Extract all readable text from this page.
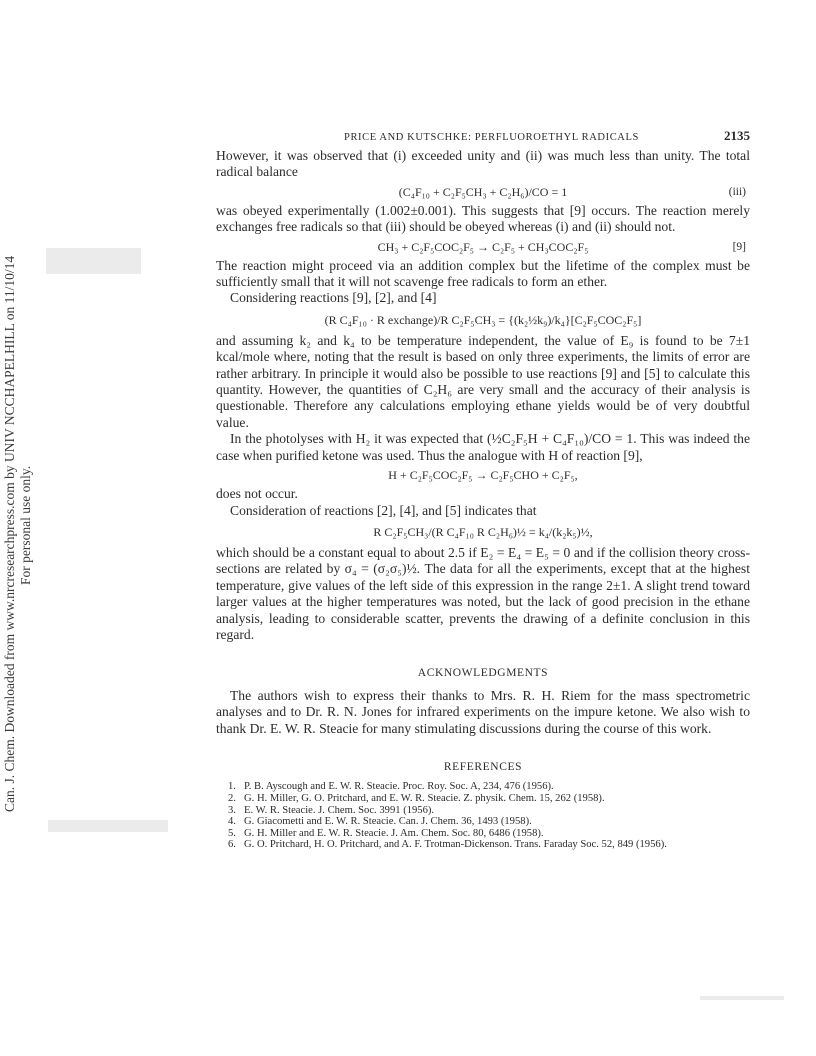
Can. J. Chem. Downloaded from www.nrcresearchpress.com by UNIV NCCHAPELHILL on 11/10/14 For personal use only.
PRICE AND KUTSCHKE: PERFLUOROETHYL RADICALS	2135

However, it was observed that (i) exceeded unity and (ii) was much less than unity. The total radical balance

(C₄F₁₀ + C₂F₅CH₃ + C₂H₆)/CO = 1	(iii)

was obeyed experimentally (1.002±0.001). This suggests that [9] occurs. The reaction merely exchanges free radicals so that (iii) should be obeyed whereas (i) and (ii) should not.

CH₃ + C₂F₅COC₂F₅ → C₂F₅ + CH₃COC₂F₅	[9]

The reaction might proceed via an addition complex but the lifetime of the complex must be sufficiently small that it will not scavenge free radicals to form an ether.

Considering reactions [9], [2], and [4]

(R C₄F₁₀ · R exchange)/R C₂F₅CH₃ = {(k₂½k₉)/k₄}[C₂F₅COC₂F₅]

and assuming k₂ and k₄ to be temperature independent, the value of E₉ is found to be 7±1 kcal/mole where, noting that the result is based on only three experiments, the limits of error are rather arbitrary. In principle it would also be possible to use reactions [9] and [5] to calculate this quantity. However, the quantities of C₂H₆ are very small and the accuracy of their analysis is questionable. Therefore any calculations employing ethane yields would be of very doubtful value.

In the photolyses with H₂ it was expected that (½C₂F₅H + C₄F₁₀)/CO = 1. This was indeed the case when purified ketone was used. Thus the analogue with H of reaction [9],

H + C₂F₅COC₂F₅ → C₂F₅CHO + C₂F₅,

does not occur.

Consideration of reactions [2], [4], and [5] indicates that

R C₂F₅CH₃/(R C₄F₁₀ R C₂H₆)½ = k₄/(k₂k₅)½,

which should be a constant equal to about 2.5 if E₂ = E₄ = E₅ = 0 and if the collision theory cross-sections are related by σ₄ = (σ₂σ₅)½. The data for all the experiments, except that at the highest temperature, give values of the left side of this expression in the range 2±1. A slight trend toward larger values at the higher temperatures was noted, but the lack of good precision in the ethane analysis, leading to considerable scatter, prevents the drawing of a definite conclusion in this regard.

ACKNOWLEDGMENTS

The authors wish to express their thanks to Mrs. R. H. Riem for the mass spectrometric analyses and to Dr. R. N. Jones for infrared experiments on the impure ketone. We also wish to thank Dr. E. W. R. Steacie for many stimulating discussions during the course of this work.

REFERENCES
1. P. B. Ayscough and E. W. R. Steacie. Proc. Roy. Soc. A, 234, 476 (1956).
2. G. H. Miller, G. O. Pritchard, and E. W. R. Steacie. Z. physik. Chem. 15, 262 (1958).
3. E. W. R. Steacie. J. Chem. Soc. 3991 (1956).
4. G. Giacometti and E. W. R. Steacie. Can. J. Chem. 36, 1493 (1958).
5. G. H. Miller and E. W. R. Steacie. J. Am. Chem. Soc. 80, 6486 (1958).
6. G. O. Pritchard, H. O. Pritchard, and A. F. Trotman-Dickenson. Trans. Faraday Soc. 52, 849 (1956).
